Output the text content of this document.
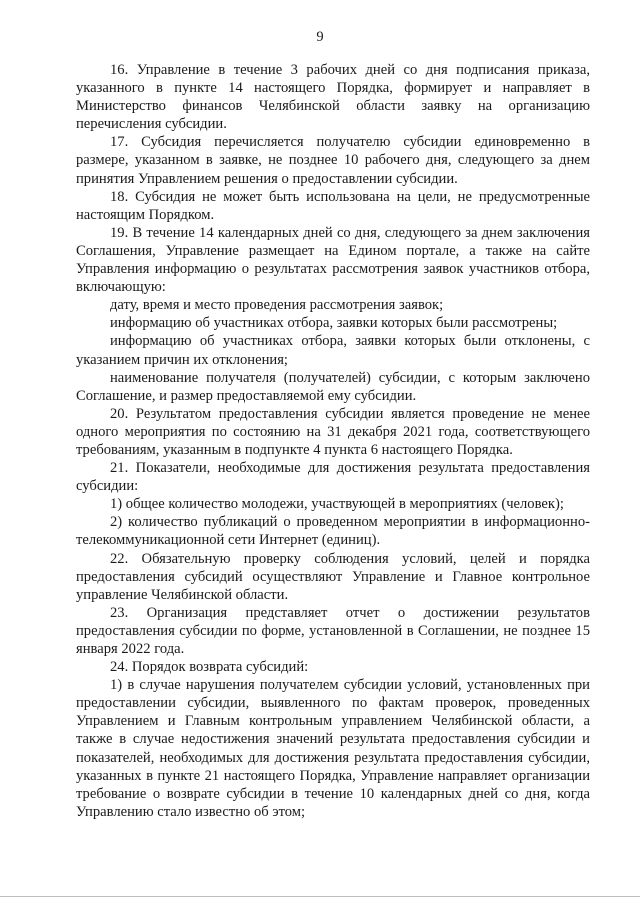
9

16. Управление в течение 3 рабочих дней со дня подписания приказа, указанного в пункте 14 настоящего Порядка, формирует и направляет в Министерство финансов Челябинской области заявку на организацию перечисления субсидии.

17. Субсидия перечисляется получателю субсидии единовременно в размере, указанном в заявке, не позднее 10 рабочего дня, следующего за днем принятия Управлением решения о предоставлении субсидии.

18. Субсидия не может быть использована на цели, не предусмотренные настоящим Порядком.

19. В течение 14 календарных дней со дня, следующего за днем заключения Соглашения, Управление размещает на Едином портале, а также на сайте Управления информацию о результатах рассмотрения заявок участников отбора, включающую:

дату, время и место проведения рассмотрения заявок;

информацию об участниках отбора, заявки которых были рассмотрены;

информацию об участниках отбора, заявки которых были отклонены, с указанием причин их отклонения;

наименование получателя (получателей) субсидии, с которым заключено Соглашение, и размер предоставляемой ему субсидии.

20. Результатом предоставления субсидии является проведение не менее одного мероприятия по состоянию на 31 декабря 2021 года, соответствующего требованиям, указанным в подпункте 4 пункта 6 настоящего Порядка.

21. Показатели, необходимые для достижения результата предоставления субсидии:

1) общее количество молодежи, участвующей в мероприятиях (человек);

2) количество публикаций о проведенном мероприятии в информационно-телекоммуникационной сети Интернет (единиц).

22. Обязательную проверку соблюдения условий, целей и порядка предоставления субсидий осуществляют Управление и Главное контрольное управление Челябинской области.

23. Организация представляет отчет о достижении результатов предоставления субсидии по форме, установленной в Соглашении, не позднее 15 января 2022 года.

24. Порядок возврата субсидий:

1) в случае нарушения получателем субсидии условий, установленных при предоставлении субсидии, выявленного по фактам проверок, проведенных Управлением и Главным контрольным управлением Челябинской области, а также в случае недостижения значений результата предоставления субсидии и показателей, необходимых для достижения результата предоставления субсидии, указанных в пункте 21 настоящего Порядка, Управление направляет организации требование о возврате субсидии в течение 10 календарных дней со дня, когда Управлению стало известно об этом;
